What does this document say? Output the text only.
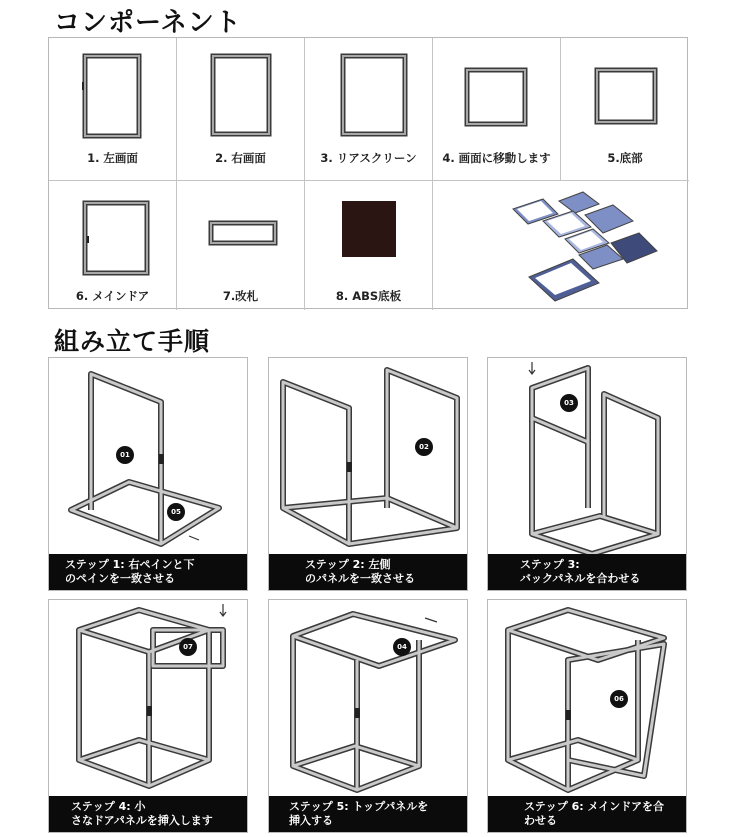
コンポーネント
1. 左画面	2. 右画面	3. リアスクリーン	4. 画面に移動します	5.底部
6. メインドア	7.改札	8. ABS底板
組み立て手順
01
05
ステップ 1: 右ペインと下
のペインを一致させる
02
ステップ 2: 左側
のパネルを一致させる
03
ステップ 3:
バックパネルを合わせる
07
ステップ 4: 小
さなドアパネルを挿入します
04
ステップ 5: トップパネルを
挿入する
06
ステップ 6: メインドアを合
わせる
